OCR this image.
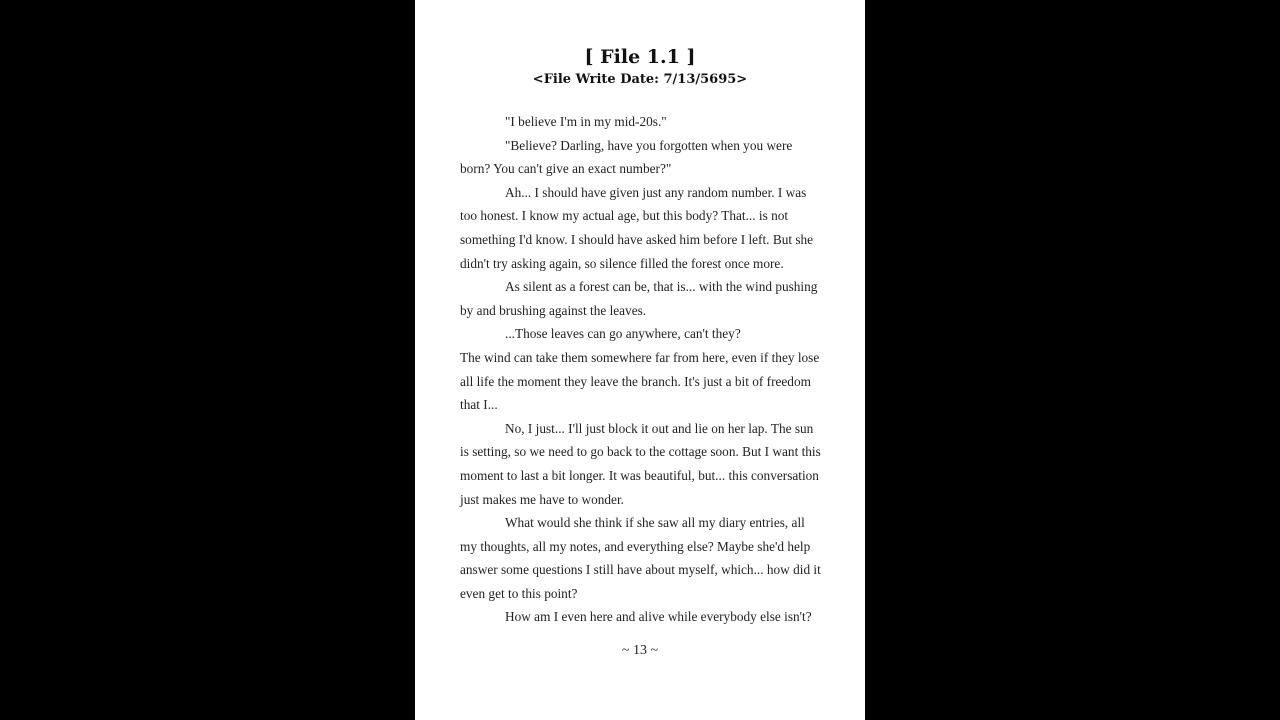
[ File 1.1 ]
<File Write Date: 7/13/5695>

"I believe I'm in my mid-20s."

"Believe? Darling, have you forgotten when you were born? You can't give an exact number?"

Ah... I should have given just any random number. I was too honest. I know my actual age, but this body? That... is not something I'd know. I should have asked him before I left. But she didn't try asking again, so silence filled the forest once more.

As silent as a forest can be, that is... with the wind pushing by and brushing against the leaves.

...Those leaves can go anywhere, can't they?

The wind can take them somewhere far from here, even if they lose all life the moment they leave the branch. It's just a bit of freedom that I...

No, I just... I'll just block it out and lie on her lap. The sun is setting, so we need to go back to the cottage soon. But I want this moment to last a bit longer. It was beautiful, but... this conversation just makes me have to wonder.

What would she think if she saw all my diary entries, all my thoughts, all my notes, and everything else? Maybe she'd help answer some questions I still have about myself, which... how did it even get to this point?

How am I even here and alive while everybody else isn't?

~ 13 ~
